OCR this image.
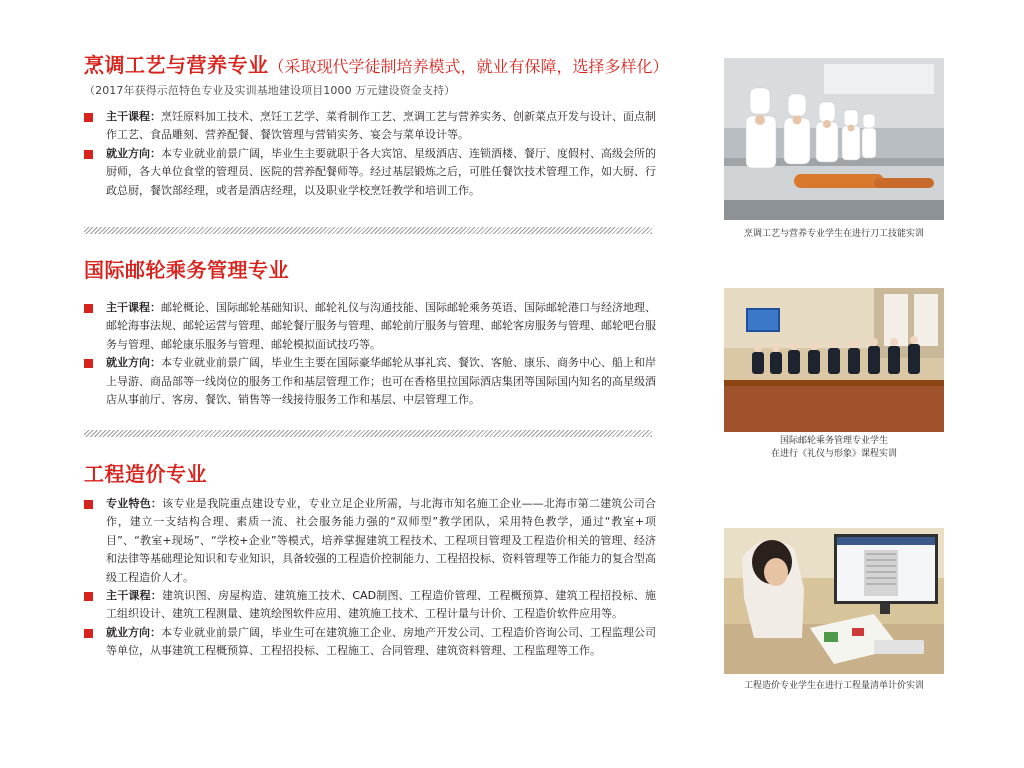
烹调工艺与营养专业（采取现代学徒制培养模式，就业有保障，选择多样化）
（2017年获得示范特色专业及实训基地建设项目1000 万元建设资金支持）
主干课程：烹饪原料加工技术、烹饪工艺学、菜肴制作工艺、烹调工艺与营养实务、创新菜点开发与设计、面点制作工艺、食品雕刻、营养配餐、餐饮管理与营销实务、宴会与菜单设计等。
就业方向：本专业就业前景广阔，毕业生主要就职于各大宾馆、星级酒店、连锁酒楼、餐厅、度假村、高级会所的厨师，各大单位食堂的管理员、医院的营养配餐师等。经过基层锻炼之后，可胜任餐饮技术管理工作，如大厨、行政总厨，餐饮部经理，或者是酒店经理，以及职业学校烹饪教学和培训工作。
国际邮轮乘务管理专业
主干课程：邮轮概论、国际邮轮基础知识、邮轮礼仪与沟通技能、国际邮轮乘务英语、国际邮轮港口与经济地理、邮轮海事法规、邮轮运营与管理、邮轮餐厅服务与管理、邮轮前厅服务与管理、邮轮客房服务与管理、邮轮吧台服务与管理、邮轮康乐服务与管理、邮轮模拟面试技巧等。
就业方向：本专业就业前景广阔，毕业生主要在国际豪华邮轮从事礼宾、餐饮、客舱、康乐、商务中心、船上和岸上导游、商品部等一线岗位的服务工作和基层管理工作；也可在香格里拉国际酒店集团等国际国内知名的高星级酒店从事前厅、客房、餐饮、销售等一线接待服务工作和基层、中层管理工作。
工程造价专业
专业特色：该专业是我院重点建设专业，专业立足企业所需，与北海市知名施工企业——北海市第二建筑公司合作，建立一支结构合理、素质一流、社会服务能力强的“双师型”教学团队，采用特色教学，通过“教室+项目”、“教室+现场”、“学校+企业”等模式，培养掌握建筑工程技术、工程项目管理及工程造价相关的管理、经济和法律等基础理论知识和专业知识，具备较强的工程造价控制能力、工程招投标、资料管理等工作能力的复合型高级工程造价人才。
主干课程：建筑识图、房屋构造、建筑施工技术、CAD制图、工程造价管理、工程概预算、建筑工程招投标、施工组织设计、建筑工程测量、建筑绘图软件应用、建筑施工技术、工程计量与计价、工程造价软件应用等。
就业方向：本专业就业前景广阔，毕业生可在建筑施工企业、房地产开发公司、工程造价咨询公司、工程监理公司等单位，从事建筑工程概预算、工程招投标、工程施工、合同管理、建筑资料管理、工程监理等工作。
烹调工艺与营养专业学生在进行刀工技能实训
国际邮轮乘务管理专业学生
在进行《礼仪与形象》课程实训
工程造价专业学生在进行工程量清单计价实训
